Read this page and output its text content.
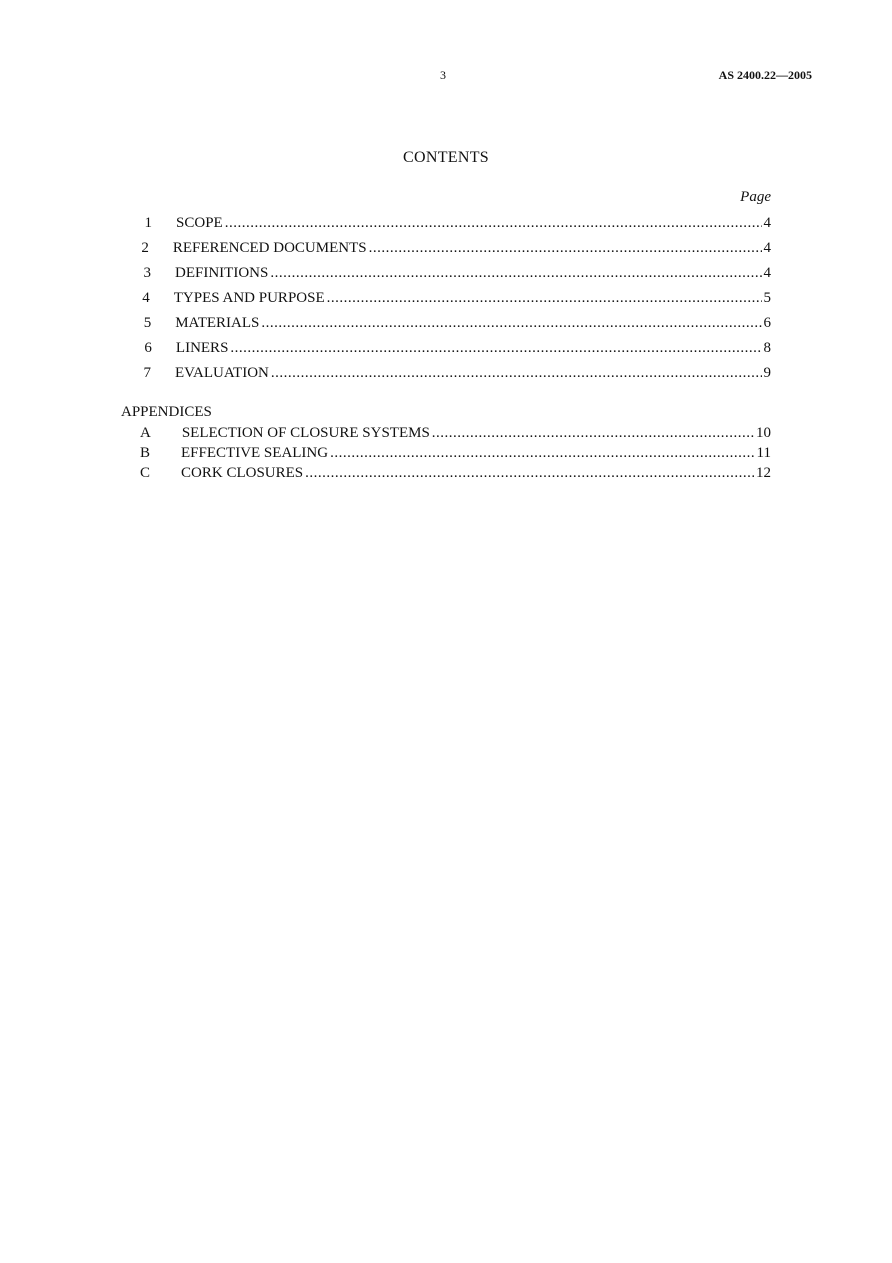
3	AS 2400.22—2005
CONTENTS
Page
1 SCOPE .....	4
2 REFERENCED DOCUMENTS .....	4
3 DEFINITIONS .....	4
4 TYPES AND PURPOSE .....	5
5 MATERIALS .....	6
6 LINERS .....	8
7 EVALUATION .....	9
APPENDICES
A SELECTION OF CLOSURE SYSTEMS .....	10
B EFFECTIVE SEALING .....	11
C CORK CLOSURES .....	12
